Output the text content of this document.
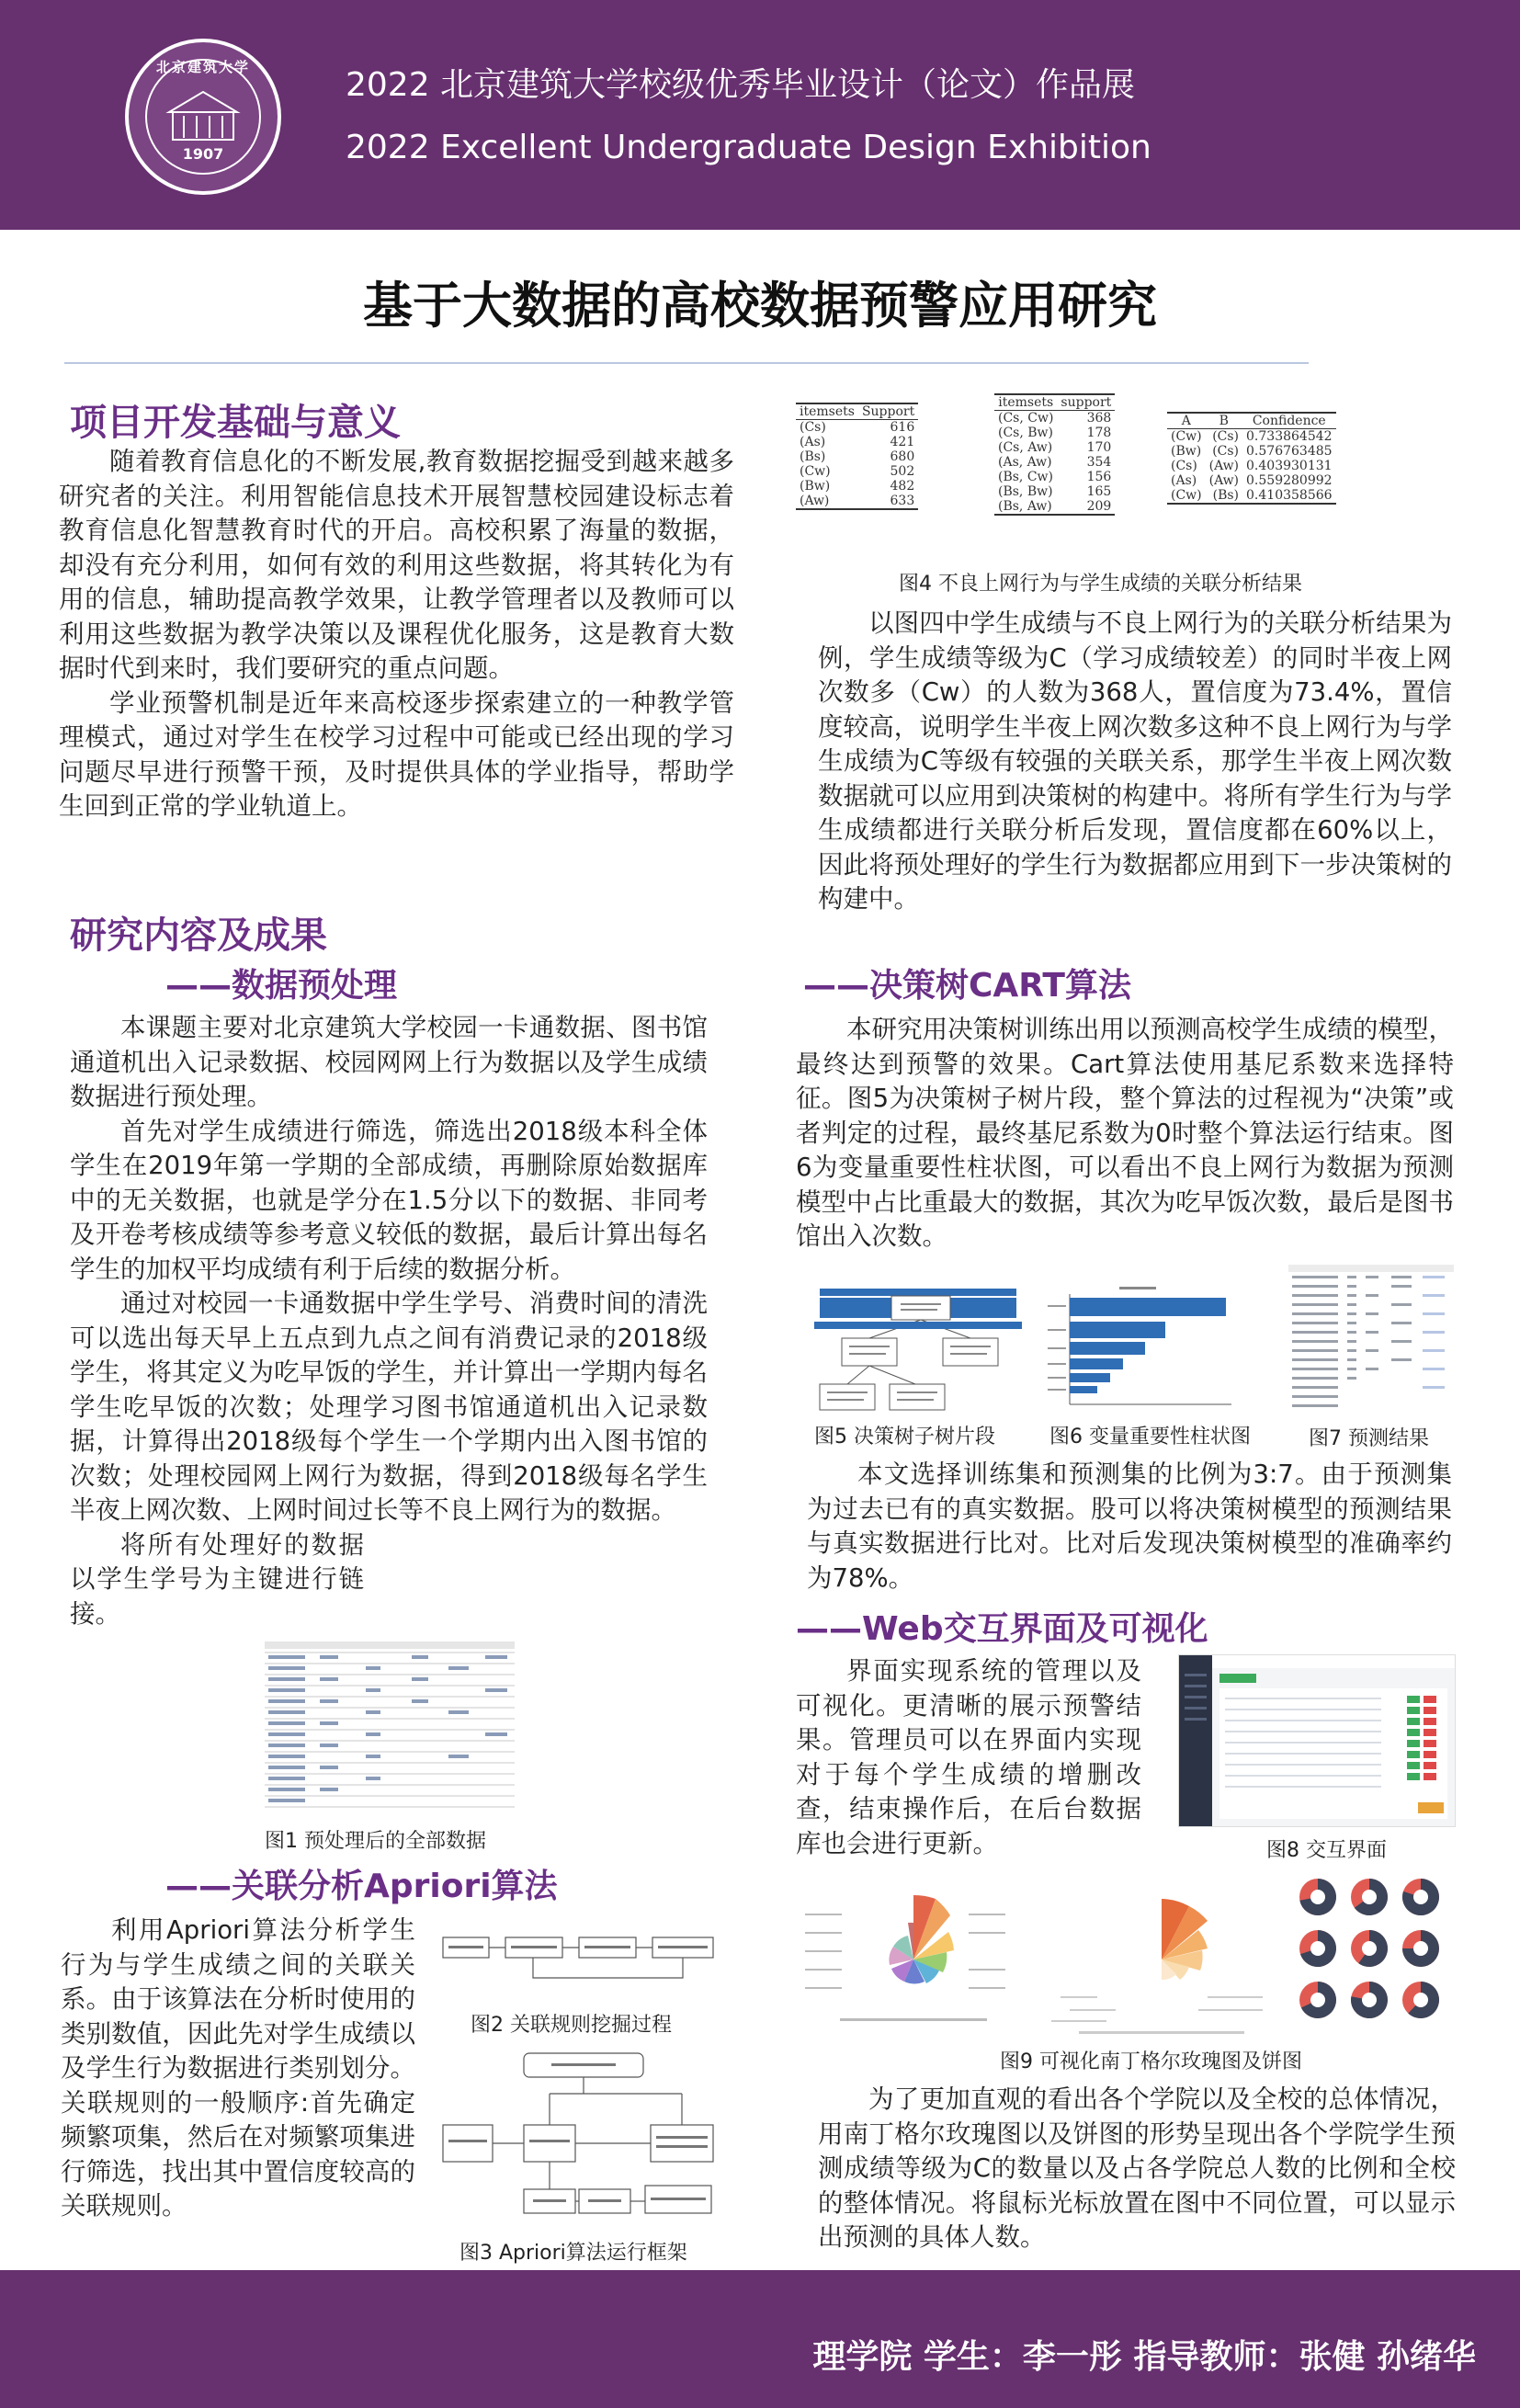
北京建筑大学
1907
2022 北京建筑大学校级优秀毕业设计（论文）作品展
2022 Excellent Undergraduate Design Exhibition
基于大数据的高校数据预警应用研究
项目开发基础与意义

随着教育信息化的不断发展,教育数据挖掘受到越来越多研究者的关注。利用智能信息技术开展智慧校园建设标志着教育信息化智慧教育时代的开启。高校积累了海量的数据，却没有充分利用，如何有效的利用这些数据，将其转化为有用的信息，辅助提高教学效果，让教学管理者以及教师可以利用这些数据为教学决策以及课程优化服务，这是教育大数据时代到来时，我们要研究的重点问题。

学业预警机制是近年来高校逐步探索建立的一种教学管理模式，通过对学生在校学习过程中可能或已经出现的学习问题尽早进行预警干预，及时提供具体的学业指导，帮助学生回到正常的学业轨道上。

研究内容及成果
——数据预处理

本课题主要对北京建筑大学校园一卡通数据、图书馆通道机出入记录数据、校园网网上行为数据以及学生成绩数据进行预处理。

首先对学生成绩进行筛选，筛选出2018级本科全体学生在2019年第一学期的全部成绩，再删除原始数据库中的无关数据，也就是学分在1.5分以下的数据、非同考及开卷考核成绩等参考意义较低的数据，最后计算出每名学生的加权平均成绩有利于后续的数据分析。

通过对校园一卡通数据中学生学号、消费时间的清洗可以选出每天早上五点到九点之间有消费记录的2018级学生，将其定义为吃早饭的学生，并计算出一学期内每名学生吃早饭的次数；处理学习图书馆通道机出入记录数据，计算得出2018级每个学生一个学期内出入图书馆的次数；处理校园网上网行为数据，得到2018级每名学生半夜上网次数、上网时间过长等不良上网行为的数据。

将所有处理好的数据以学生学号为主键进行链接。

图1 预处理后的全部数据
——关联分析Apriori算法

利用Apriori算法分析学生行为与学生成绩之间的关联关系。由于该算法在分析时使用的类别数值，因此先对学生成绩以及学生行为数据进行类别划分。关联规则的一般顺序:首先确定频繁项集，然后在对频繁项集进行筛选，找出其中置信度较高的关联规则。

图2 关联规则挖掘过程
图3 Apriori算法运行框架
itemsets	Support
(Cs)	616
(As)	421
(Bs)	680
(Cw)	502
(Bw)	482
(Aw)	633
itemsets	support
(Cs, Cw)	368
(Cs, Bw)	178
(Cs, Aw)	170
(As, Aw)	354
(Bs, Cw)	156
(Bs, Bw)	165
(Bs, Aw)	209
A	B	Confidence
(Cw)	(Cs)	0.733864542
(Bw)	(Cs)	0.576763485
(Cs)	(Aw)	0.403930131
(As)	(Aw)	0.559280992
(Cw)	(Bs)	0.410358566
图4 不良上网行为与学生成绩的关联分析结果

以图四中学生成绩与不良上网行为的关联分析结果为例，学生成绩等级为C（学习成绩较差）的同时半夜上网次数多（Cw）的人数为368人，置信度为73.4%，置信度较高，说明学生半夜上网次数多这种不良上网行为与学生成绩为C等级有较强的关联关系，那学生半夜上网次数数据就可以应用到决策树的构建中。将所有学生行为与学生成绩都进行关联分析后发现，置信度都在60%以上，因此将预处理好的学生行为数据都应用到下一步决策树的构建中。

——决策树CART算法

本研究用决策树训练出用以预测高校学生成绩的模型，最终达到预警的效果。Cart算法使用基尼系数来选择特征。图5为决策树子树片段，整个算法的过程视为“决策”或者判定的过程，最终基尼系数为0时整个算法运行结束。图6为变量重要性柱状图，可以看出不良上网行为数据为预测模型中占比重最大的数据，其次为吃早饭次数，最后是图书馆出入次数。

图5 决策树子树片段	图6 变量重要性柱状图	图7 预测结果

本文选择训练集和预测集的比例为3:7。由于预测集为过去已有的真实数据。股可以将决策树模型的预测结果与真实数据进行比对。比对后发现决策树模型的准确率约为78%。

——Web交互界面及可视化

界面实现系统的管理以及可视化。更清晰的展示预警结果。管理员可以在界面内实现对于每个学生成绩的增删改查，结束操作后，在后台数据库也会进行更新。	图8 交互界面
图9 可视化南丁格尔玫瑰图及饼图

为了更加直观的看出各个学院以及全校的总体情况，用南丁格尔玫瑰图以及饼图的形势呈现出各个学院学生预测成绩等级为C的数量以及占各学院总人数的比例和全校的整体情况。将鼠标光标放置在图中不同位置，可以显示出预测的具体人数。

理学院 学生：李一彤 指导教师：张健 孙绪华
